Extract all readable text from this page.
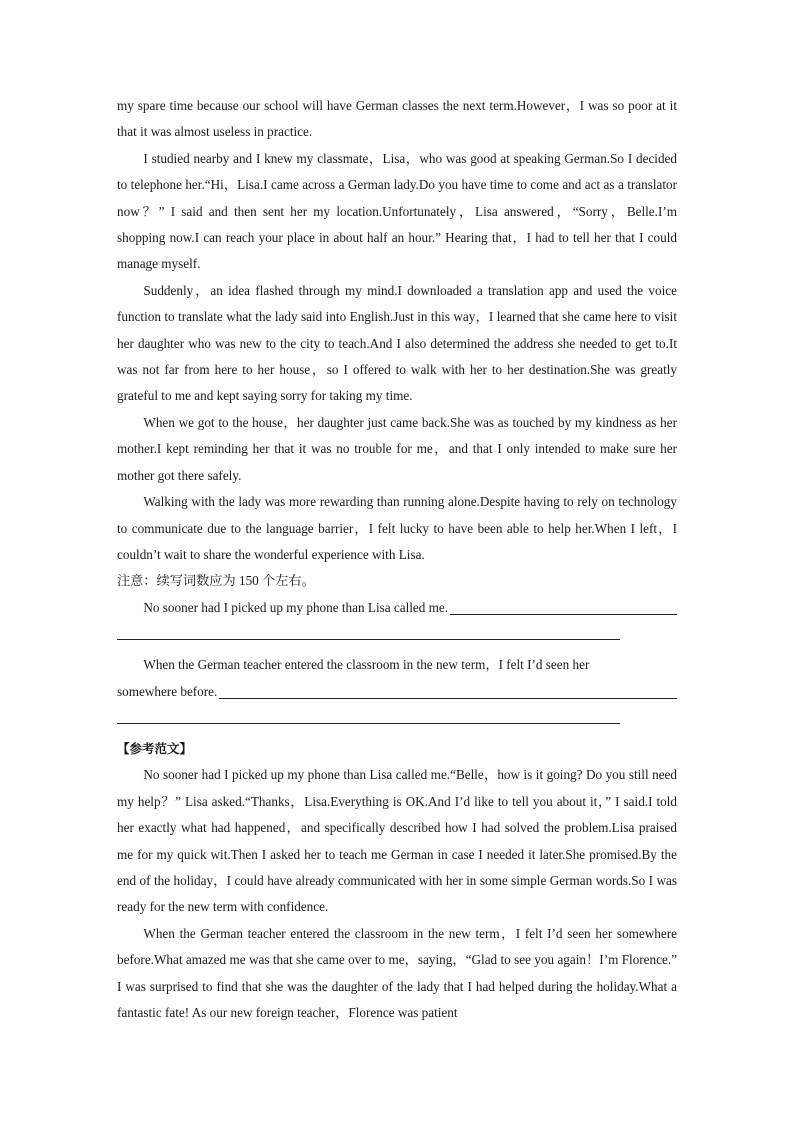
my spare time because our school will have German classes the next term.However，I was so poor at it that it was almost useless in practice.

I studied nearby and I knew my classmate，Lisa，who was good at speaking German.So I decided to telephone her.“Hi，Lisa.I came across a German lady.Do you have time to come and act as a translator now？” I said and then sent her my location.Unfortunately，Lisa answered，“Sorry，Belle.I’m shopping now.I can reach your place in about half an hour.” Hearing that，I had to tell her that I could manage myself.

Suddenly，an idea flashed through my mind.I downloaded a translation app and used the voice function to translate what the lady said into English.Just in this way，I learned that she came here to visit her daughter who was new to the city to teach.And I also determined the address she needed to get to.It was not far from here to her house，so I offered to walk with her to her destination.She was greatly grateful to me and kept saying sorry for taking my time.

When we got to the house，her daughter just came back.She was as touched by my kindness as her mother.I kept reminding her that it was no trouble for me，and that I only intended to make sure her mother got there safely.

Walking with the lady was more rewarding than running alone.Despite having to rely on technology to communicate due to the language barrier，I felt lucky to have been able to help her.When I left，I couldn’t wait to share the wonderful experience with Lisa.

注意：续写词数应为 150 个左右。

No sooner had I picked up my phone than Lisa called me.

When the German teacher entered the classroom in the new term，I felt I’d seen her

somewhere before.

【参考范文】

No sooner had I picked up my phone than Lisa called me.“Belle，how is it going? Do you still need my help？” Lisa asked.“Thanks，Lisa.Everything is OK.And I’d like to tell you about it，” I said.I told her exactly what had happened，and specifically described how I had solved the problem.Lisa praised me for my quick wit.Then I asked her to teach me German in case I needed it later.She promised.By the end of the holiday，I could have already communicated with her in some simple German words.So I was ready for the new term with confidence.

When the German teacher entered the classroom in the new term，I felt I’d seen her somewhere before.What amazed me was that she came over to me，saying，“Glad to see you again！I’m Florence.” I was surprised to find that she was the daughter of the lady that I had helped during the holiday.What a fantastic fate! As our new foreign teacher，Florence was patient
